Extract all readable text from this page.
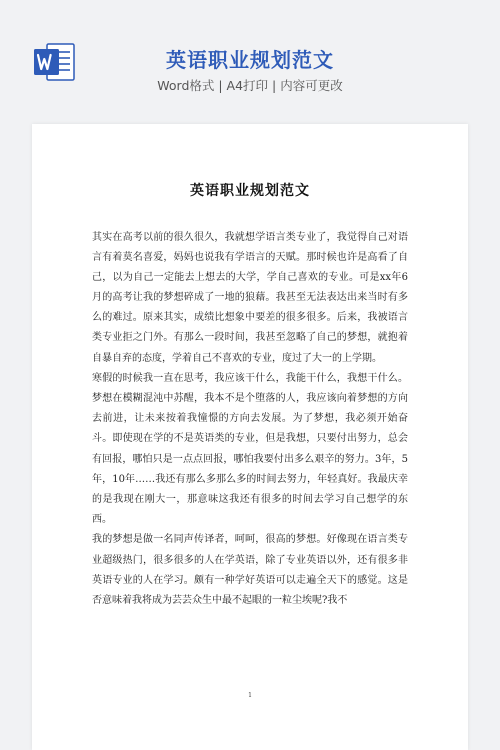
英语职业规划范文
Word格式 | A4打印 | 内容可更改
英语职业规划范文

其实在高考以前的很久很久，我就想学语言类专业了，我觉得自己对语言有着莫名喜爱，妈妈也说我有学语言的天赋。那时候也许是高看了自己，以为自己一定能去上想去的大学，学自己喜欢的专业。可是xx年6月的高考让我的梦想碎成了一地的狼藉。我甚至无法表达出来当时有多么的难过。原来其实，成绩比想象中要差的很多很多。后来，我被语言类专业拒之门外。有那么一段时间，我甚至忽略了自己的梦想，就抱着自暴自弃的态度，学着自己不喜欢的专业，度过了大一的上学期。

寒假的时候我一直在思考，我应该干什么，我能干什么，我想干什么。梦想在模糊混沌中苏醒，我本不是个堕落的人，我应该向着梦想的方向去前进，让未来按着我憧憬的方向去发展。为了梦想，我必须开始奋斗。即使现在学的不是英语类的专业，但是我想，只要付出努力，总会有回报，哪怕只是一点点回报，哪怕我要付出多么艰辛的努力。3年，5年，10年……我还有那么多那么多的时间去努力，年轻真好。我最庆幸的是我现在刚大一，那意味这我还有很多的时间去学习自己想学的东西。

我的梦想是做一名同声传译者，呵呵，很高的梦想。好像现在语言类专业超级热门，很多很多的人在学英语，除了专业英语以外，还有很多非英语专业的人在学习。颇有一种学好英语可以走遍全天下的感觉。这是否意味着我将成为芸芸众生中最不起眼的一粒尘埃呢?我不

1
